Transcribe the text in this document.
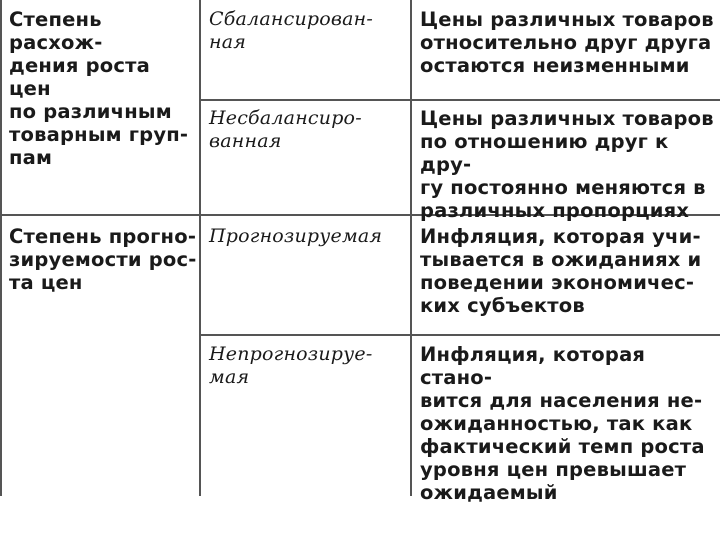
Степень расхож-
дения роста цен
по различным
товарным груп-
пам
Сбалансирован-
ная
Цены различных товаров
относительно друг друга
остаются неизменными
Несбалансиро-
ванная
Цены различных товаров
по отношению друг к дру-
гу постоянно меняются в
различных пропорциях
Степень прогно-
зируемости рос-
та цен
Прогнозируемая	Инфляция, которая учи-
тывается в ожиданиях и
поведении экономичес-
ких субъектов
Непрогнозируе-
мая
Инфляция, которая стано-
вится для населения не-
ожиданностью, так как
фактический темп роста
уровня цен превышает
ожидаемый
